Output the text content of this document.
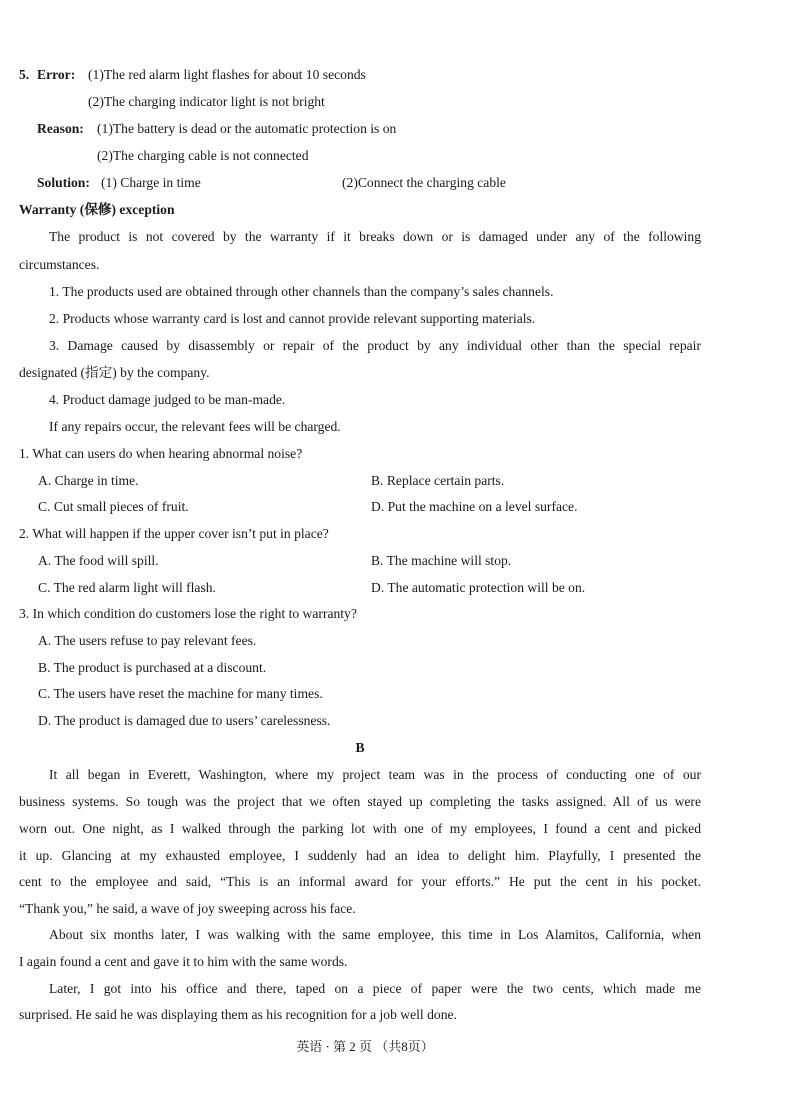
5. Error: (1)The red alarm light flashes for about 10 seconds
(2)The charging indicator light is not bright
Reason: (1)The battery is dead or the automatic protection is on
(2)The charging cable is not connected
Solution: (1) Charge in time	(2)Connect the charging cable
Warranty (保修) exception
The product is not covered by the warranty if it breaks down or is damaged under any of the following
circumstances.
1. The products used are obtained through other channels than the company’s sales channels.
2. Products whose warranty card is lost and cannot provide relevant supporting materials.
3. Damage caused by disassembly or repair of the product by any individual other than the special repair
designated (指定) by the company.
4. Product damage judged to be man-made.
If any repairs occur, the relevant fees will be charged.
1. What can users do when hearing abnormal noise?
A. Charge in time.	B. Replace certain parts.
C. Cut small pieces of fruit.	D. Put the machine on a level surface.
2. What will happen if the upper cover isn’t put in place?
A. The food will spill.	B. The machine will stop.
C. The red alarm light will flash.	D. The automatic protection will be on.
3. In which condition do customers lose the right to warranty?
A. The users refuse to pay relevant fees.
B. The product is purchased at a discount.
C. The users have reset the machine for many times.
D. The product is damaged due to users’ carelessness.
B
It all began in Everett, Washington, where my project team was in the process of conducting one of our
business systems. So tough was the project that we often stayed up completing the tasks assigned. All of us were
worn out. One night, as I walked through the parking lot with one of my employees, I found a cent and picked
it up. Glancing at my exhausted employee, I suddenly had an idea to delight him. Playfully, I presented the
cent to the employee and said, “This is an informal award for your efforts.” He put the cent in his pocket.
“Thank you,” he said, a wave of joy sweeping across his face.
About six months later, I was walking with the same employee, this time in Los Alamitos, California, when
I again found a cent and gave it to him with the same words.
Later, I got into his office and there, taped on a piece of paper were the two cents, which made me
surprised. He said he was displaying them as his recognition for a job well done.
英语 · 第 2 页 （共8页）
